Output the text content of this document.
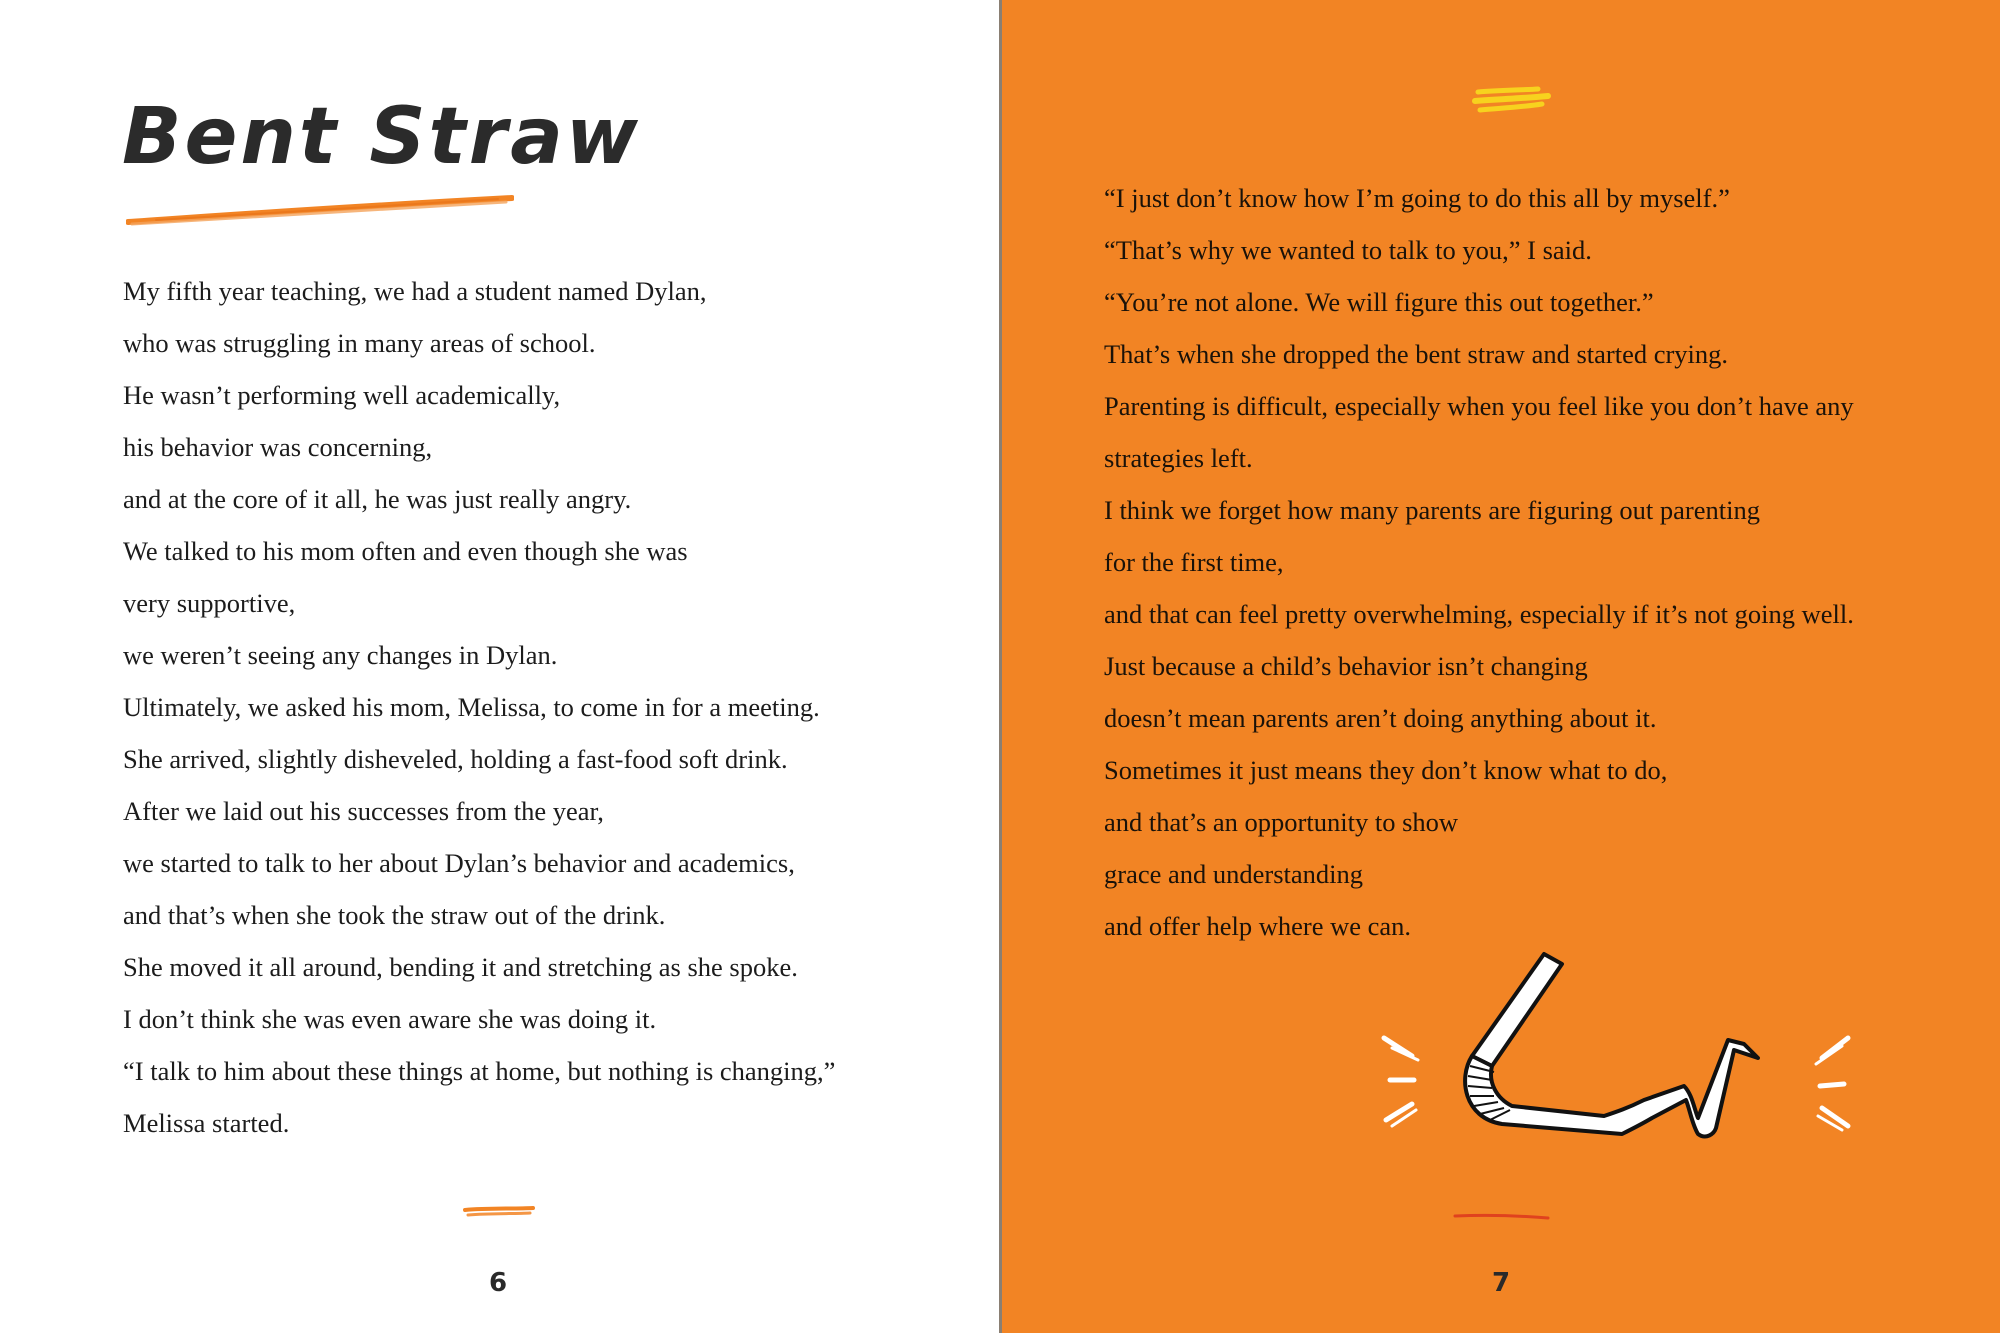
Bent Straw
My fifth year teaching, we had a student named Dylan,
who was struggling in many areas of school.
He wasn’t performing well academically,
his behavior was concerning,
and at the core of it all, he was just really angry.
We talked to his mom often and even though she was
very supportive,
we weren’t seeing any changes in Dylan.
Ultimately, we asked his mom, Melissa, to come in for a meeting.
She arrived, slightly disheveled, holding a fast-food soft drink.
After we laid out his successes from the year,
we started to talk to her about Dylan’s behavior and academics,
and that’s when she took the straw out of the drink.
She moved it all around, bending it and stretching as she spoke.
I don’t think she was even aware she was doing it.
“I talk to him about these things at home, but nothing is changing,”
Melissa started.
6
“I just don’t know how I’m going to do this all by myself.”
“That’s why we wanted to talk to you,” I said.
“You’re not alone. We will figure this out together.”
That’s when she dropped the bent straw and started crying.
Parenting is difficult, especially when you feel like you don’t have any
strategies left.
I think we forget how many parents are figuring out parenting
for the first time,
and that can feel pretty overwhelming, especially if it’s not going well.
Just because a child’s behavior isn’t changing
doesn’t mean parents aren’t doing anything about it.
Sometimes it just means they don’t know what to do,
and that’s an opportunity to show
grace and understanding
and offer help where we can.
7
